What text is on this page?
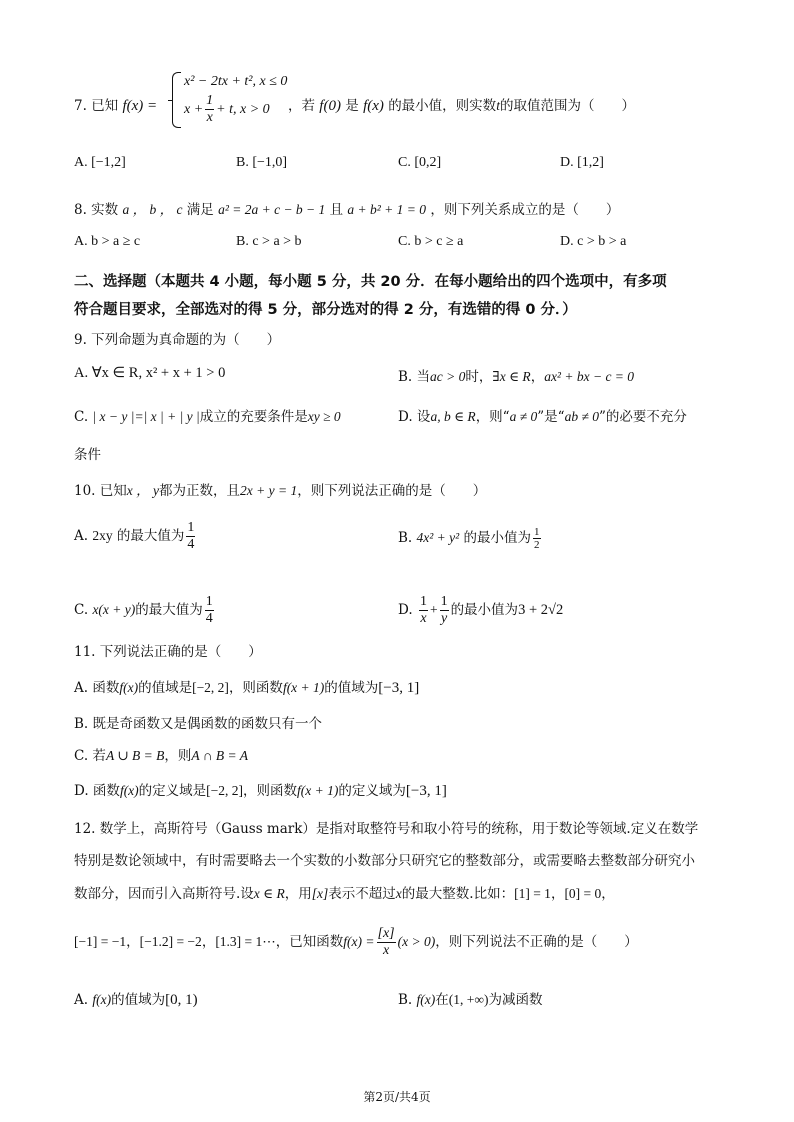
7. 已知 f(x) =
x² − 2tx + t², x ≤ 0
$x + \frac{1}{x} + t$, x > 0	，若 f(0) 是 f(x) 的最小值，则实数t的取值范围为（　　）
A. [−1,2]	B. [−1,0]	C. [0,2]	D. [1,2]
8. 实数 a ， b ， c 满足 a² = 2a + c − b − 1 且 a + b² + 1 = 0 ，则下列关系成立的是（　　）
A. b > a ≥ c	B. c > a > b	C. b > c ≥ a	D. c > b > a
二、选择题（本题共 4 小题，每小题 5 分，共 20 分．在每小题给出的四个选项中，有多项
符合题目要求，全部选对的得 5 分，部分选对的得 2 分，有选错的得 0 分．）
9. 下列命题为真命题的为（　　）
A. ∀x ∈ R, x² + x + 1 > 0	B. 当ac > 0时，∃x ∈ R，ax² + bx − c = 0
C. | x − y |=| x | + | y |成立的充要条件是xy ≥ 0	D. 设a, b ∈ R，则“a ≠ 0”是“ab ≠ 0”的必要不充分
条件
10. 已知x ， y都为正数，且2x + y = 1，则下列说法正确的是（　　）
A. 2xy 的最大值为 $\frac{1}{4}$	B. 4x² + y² 的最小值为 $\frac{1}{2}$
C. x(x + y)的最大值为 $\frac{1}{4}$	D. $\frac{1}{x} + \frac{1}{y}$ 的最小值为3 + 2√2
11. 下列说法正确的是（　　）
A. 函数f(x)的值域是[−2, 2]，则函数f(x + 1)的值域为[−3, 1]
B. 既是奇函数又是偶函数的函数只有一个
C. 若A ∪ B = B，则A ∩ B = A
D. 函数f(x)的定义域是[−2, 2]，则函数f(x + 1)的定义域为[−3, 1]
12. 数学上，高斯符号（Gauss mark）是指对取整符号和取小符号的统称，用于数论等领域.定义在数学
特别是数论领域中，有时需要略去一个实数的小数部分只研究它的整数部分，或需要略去整数部分研究小
数部分，因而引入高斯符号.设x ∈ R，用[x]表示不超过x的最大整数.比如：[1] = 1，[0] = 0，
[−1] = −1，[−1.2] = −2，[1.3] = 1⋯，已知函数$f(x) = \frac{[x]}{x} (x > 0)$，则下列说法不正确的是（　　）
A. f(x)的值域为[0, 1)	B. f(x)在(1, +∞)为减函数
第2页/共4页
